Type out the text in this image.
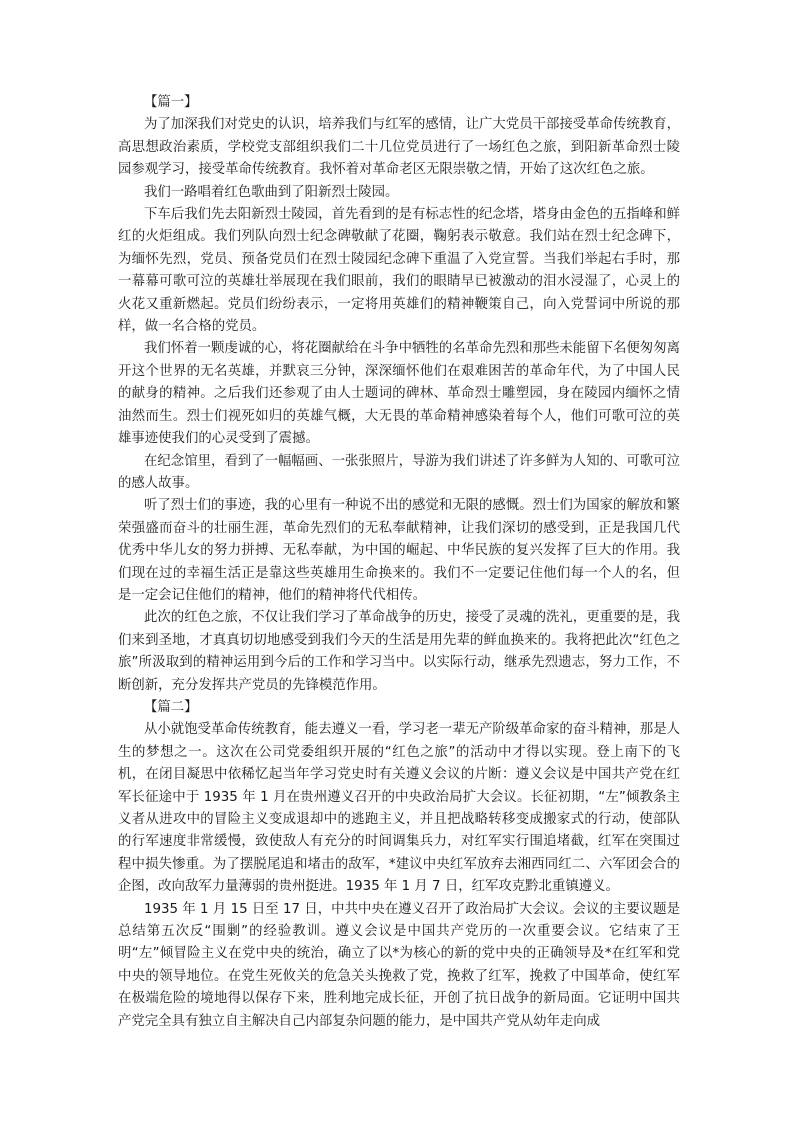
【篇一】

为了加深我们对党史的认识，培养我们与红军的感情，让广大党员干部接受革命传统教育，高思想政治素质，学校党支部组织我们二十几位党员进行了一场红色之旅，到阳新革命烈士陵园参观学习，接受革命传统教育。我怀着对革命老区无限崇敬之情，开始了这次红色之旅。

我们一路唱着红色歌曲到了阳新烈士陵园。

下车后我们先去阳新烈士陵园，首先看到的是有标志性的纪念塔，塔身由金色的五指峰和鲜红的火炬组成。我们列队向烈士纪念碑敬献了花圈，鞠躬表示敬意。我们站在烈士纪念碑下，为缅怀先烈，党员、预备党员们在烈士陵园纪念碑下重温了入党宣誓。当我们举起右手时，那一幕幕可歌可泣的英雄壮举展现在我们眼前，我们的眼睛早已被激动的泪水浸湿了，心灵上的火花又重新燃起。党员们纷纷表示，一定将用英雄们的精神鞭策自己，向入党誓词中所说的那样，做一名合格的党员。

我们怀着一颗虔诚的心，将花圈献给在斗争中牺牲的名革命先烈和那些未能留下名便匆匆离开这个世界的无名英雄，并默哀三分钟，深深缅怀他们在艰难困苦的革命年代，为了中国人民的献身的精神。之后我们还参观了由人士题词的碑林、革命烈士雕塑园，身在陵园内缅怀之情油然而生。烈士们视死如归的英雄气概，大无畏的革命精神感染着每个人，他们可歌可泣的英雄事迹使我们的心灵受到了震撼。

在纪念馆里，看到了一幅幅画、一张张照片，导游为我们讲述了许多鲜为人知的、可歌可泣的感人故事。

听了烈士们的事迹，我的心里有一种说不出的感觉和无限的感慨。烈士们为国家的解放和繁荣强盛而奋斗的壮丽生涯，革命先烈们的无私奉献精神，让我们深切的感受到，正是我国几代优秀中华儿女的努力拼搏、无私奉献，为中国的崛起、中华民族的复兴发挥了巨大的作用。我们现在过的幸福生活正是靠这些英雄用生命换来的。我们不一定要记住他们每一个人的名，但是一定会记住他们的精神，他们的精神将代代相传。

此次的红色之旅，不仅让我们学习了革命战争的历史，接受了灵魂的洗礼，更重要的是，我们来到圣地，才真真切切地感受到我们今天的生活是用先辈的鲜血换来的。我将把此次“红色之旅”所汲取到的精神运用到今后的工作和学习当中。以实际行动，继承先烈遗志，努力工作，不断创新，充分发挥共产党员的先锋模范作用。

【篇二】

从小就饱受革命传统教育，能去遵义一看，学习老一辈无产阶级革命家的奋斗精神，那是人生的梦想之一。这次在公司党委组织开展的“红色之旅”的活动中才得以实现。登上南下的飞机，在闭目凝思中依稀忆起当年学习党史时有关遵义会议的片断：遵义会议是中国共产党在红军长征途中于 1935 年 1 月在贵州遵义召开的中央政治局扩大会议。长征初期，“左”倾教条主义者从进攻中的冒险主义变成退却中的逃跑主义，并且把战略转移变成搬家式的行动，使部队的行军速度非常缓慢，致使敌人有充分的时间调集兵力，对红军实行围追堵截，红军在突围过程中损失惨重。为了摆脱尾追和堵击的敌军，*建议中央红军放弃去湘西同红二、六军团会合的企图，改向敌军力量薄弱的贵州挺进。1935 年 1 月 7 日，红军攻克黔北重镇遵义。

1935 年 1 月 15 日至 17 日，中共中央在遵义召开了政治局扩大会议。会议的主要议题是总结第五次反“围剿”的经验教训。遵义会议是中国共产党历的一次重要会议。它结束了王明“左”倾冒险主义在党中央的统治，确立了以*为核心的新的党中央的正确领导及*在红军和党中央的领导地位。在党生死攸关的危急关头挽救了党，挽救了红军，挽救了中国革命，使红军在极端危险的境地得以保存下来，胜利地完成长征，开创了抗日战争的新局面。它证明中国共产党完全具有独立自主解决自己内部复杂问题的能力，是中国共产党从幼年走向成
